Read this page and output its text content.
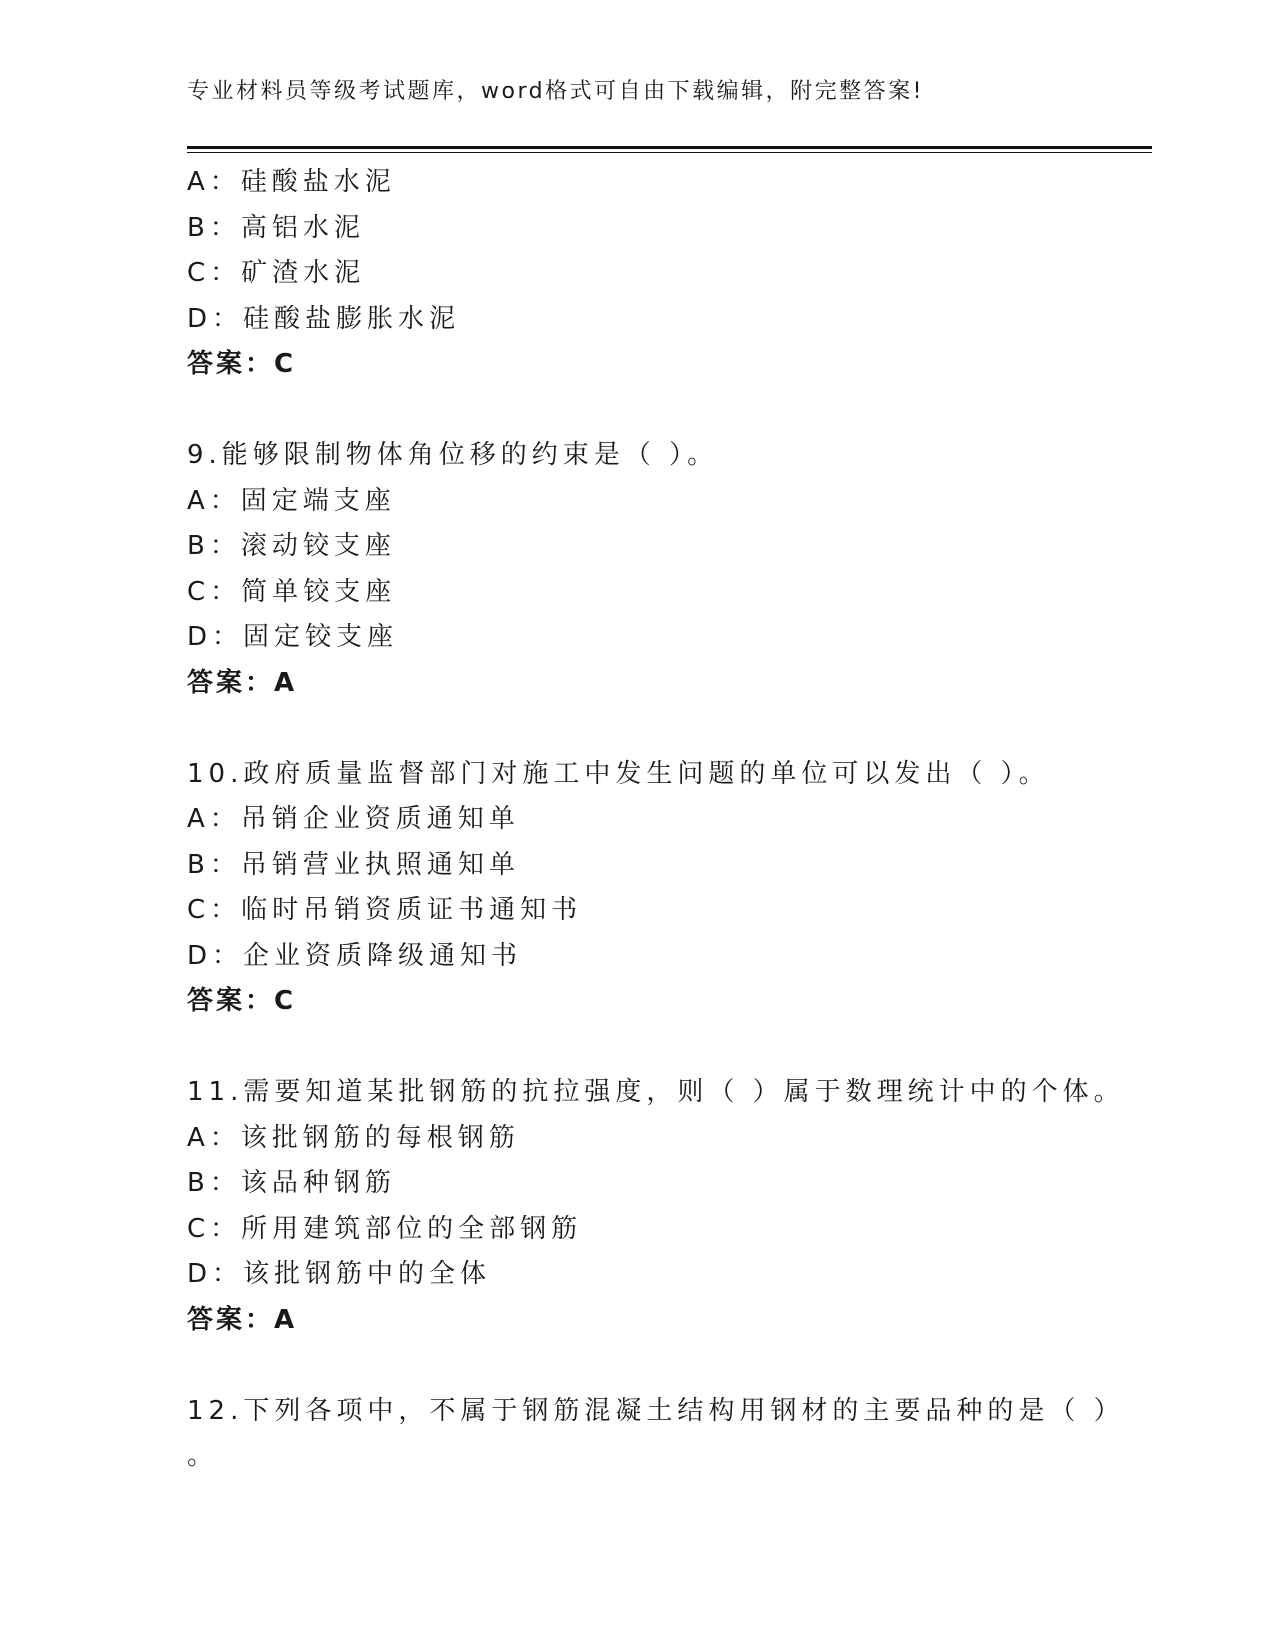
专业材料员等级考试题库，word格式可自由下载编辑，附完整答案!
A：硅酸盐水泥
B：高铝水泥
C：矿渣水泥
D：硅酸盐膨胀水泥
答案：C
9.能够限制物体角位移的约束是（ ）。
A：固定端支座
B：滚动铰支座
C：简单铰支座
D：固定铰支座
答案：A
10.政府质量监督部门对施工中发生问题的单位可以发出（ ）。
A：吊销企业资质通知单
B：吊销营业执照通知单
C：临时吊销资质证书通知书
D：企业资质降级通知书
答案：C
11.需要知道某批钢筋的抗拉强度，则（ ）属于数理统计中的个体。
A：该批钢筋的每根钢筋
B：该品种钢筋
C：所用建筑部位的全部钢筋
D：该批钢筋中的全体
答案：A
12.下列各项中，不属于钢筋混凝土结构用钢材的主要品种的是（ ）
。
